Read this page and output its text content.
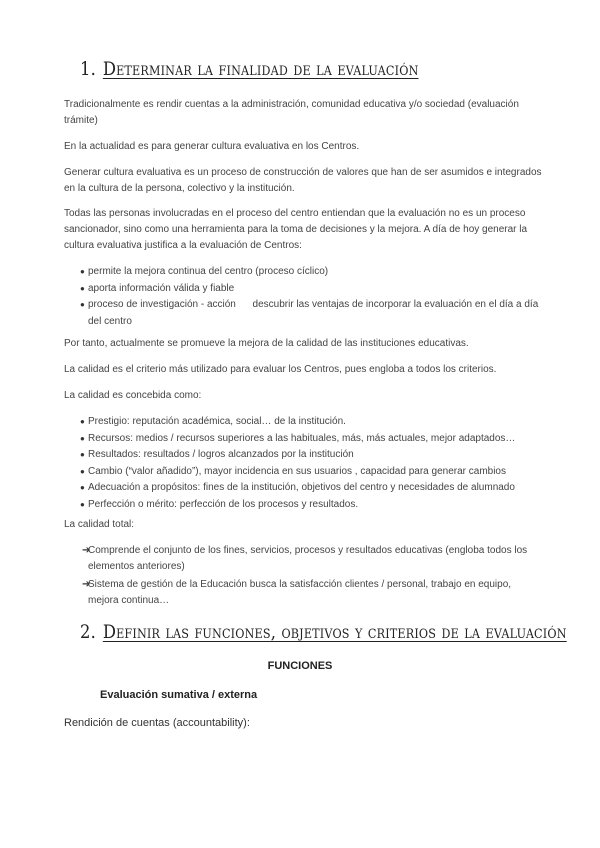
1. Determinar la finalidad de la evaluación
Tradicionalmente es rendir cuentas a la administración, comunidad educativa y/o sociedad (evaluación trámite)
En la actualidad es para generar cultura evaluativa en los Centros.
Generar cultura evaluativa es un proceso de construcción de valores que han de ser asumidos e integrados en la cultura de la persona, colectivo y la institución.
Todas las personas involucradas en el proceso del centro entiendan que la evaluación no es un proceso sancionador, sino como una herramienta para la toma de decisiones y la mejora. A día de hoy generar la cultura evaluativa justifica a la evaluación de Centros:
● permite la mejora continua del centro (proceso cíclico)
● aporta información válida y fiable
● proceso de investigación - acción      descubrir las ventajas de incorporar la evaluación en el día a día del centro
Por tanto, actualmente se promueve la mejora de la calidad de las instituciones educativas.
La calidad es el criterio más utilizado para evaluar los Centros, pues engloba a todos los criterios.
La calidad es concebida como:
● Prestigio: reputación académica, social… de la institución.
● Recursos: medios / recursos superiores a las habituales, más, más actuales, mejor adaptados…
● Resultados: resultados / logros alcanzados por la institución
● Cambio (“valor añadido”), mayor incidencia en sus usuarios , capacidad para generar cambios
● Adecuación a propósitos: fines de la institución, objetivos del centro y necesidades de alumnado
● Perfección o mérito: perfección de los procesos y resultados.
La calidad total:
➔
Comprende el conjunto de los fines, servicios, procesos y resultados educativas (engloba todos los elementos anteriores)
➔
Sistema de gestión de la Educación busca la satisfacción clientes / personal, trabajo en equipo, mejora continua…
2. Definir las funciones, objetivos y criterios de la evaluación
FUNCIONES
Evaluación sumativa / externa
Rendición de cuentas (accountability):
